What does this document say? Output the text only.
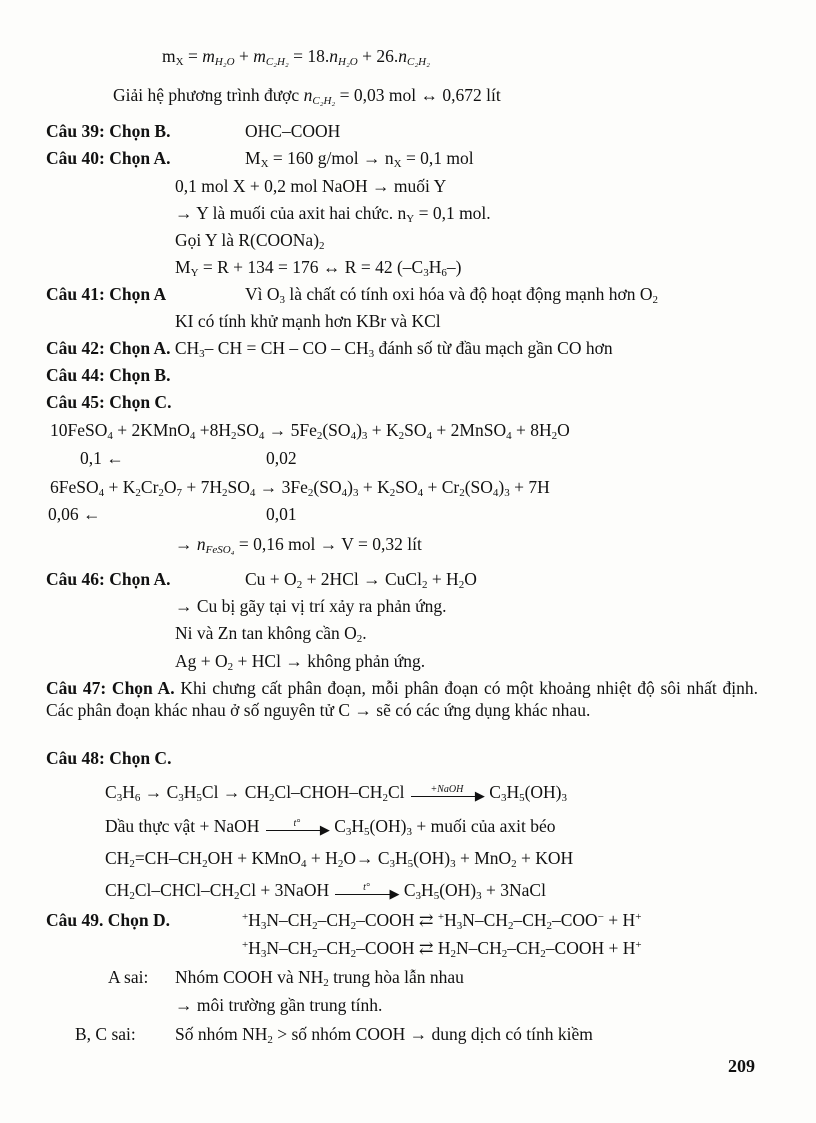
$m_X = m_{H_2O} + m_{C_2H_2} = 18.n_{H_2O} + 26.n_{C_2H_2}$
Giải hệ phương trình được $n_{C_2H_2} = 0,03$ mol ↔ 0,672 lít
Câu 39: Chọn B.	OHC–COOH
Câu 40: Chọn A.	$M_X = 160$ $g/mol \to n_X = 0,1$ mol
0,1 mol X + 0,2 mol NaOH → muối Y
→ Y là muối của axit hai chức. $n_Y = 0,1$ mol.
Gọi Y là $R(COONa)_2$
$M_Y = R + 134 = 176$ ↔ R = 42 $(-C_3H_6-)$
Câu 41: Chọn A	Vì $O_3$ là chất có tính oxi hóa và độ hoạt động mạnh hơn $O_2$
KI có tính khử mạnh hơn KBr và KCl
Câu 42: Chọn A. $CH_3-$ CH = CH – CO – $CH_3$ đánh số từ đầu mạch gần CO hơn
Câu 44: Chọn B.
Câu 45: Chọn C.
10FeSO$_4$ + 2KMnO$_4$ $+8H_2SO_4 \to 5Fe_2(SO_4)_3 + K_2SO_4$ + 2MnSO$_4$ + $8H_2O$
0,1 ←	0,02
6FeSO$_4$ + $K_2Cr_2O_7 + 7H_2SO_4 \to 3Fe_2(SO_4)_3 + K_2SO_4 + Cr_2(SO_4)_3 + 7H$
0,06 ←	0,01
→ $n_{FeSO_4} = 0,16$ mol → V = 0,32 lít
Câu 46: Chọn A.	$Cu + O_2 + 2HCl$ → CuCl$_2$ + $H_2O$
→ Cu bị gãy tại vị trí xảy ra phản ứng.
Ni và Zn tan không cần $O_2$.
$Ag + O_2$ + HCl → không phản ứng.
Câu 47: Chọn A. Khi chưng cất phân đoạn, mỗi phân đoạn có một khoảng nhiệt độ sôi nhất định. Các phân đoạn khác nhau ở số nguyên tử C → sẽ có các ứng dụng khác nhau.
Câu 48: Chọn C.
$C_3H_6 \to C_3H_5Cl$ → $CH_2Cl-CHOH-CH_2Cl$	+NaOH ▶ $C_3H_5(OH)_3$
Dầu thực vật + NaOH	t°	▶ $C_3H_5(OH)_3$ + muối của axit béo
$CH_2=CH-CH_2OH$ + KMnO$_4$ + $H_2O\to C_3H_5(OH)_3 + MnO_2$ + KOH
$CH_2Cl-CHCl-CH_2Cl$ + 3NaOH	t°	▶ $C_3H_5(OH)_3$ + 3NaCl
Câu 49. Chọn D.	$^+H_3N-CH_2-CH_2$–COOH ⇄ $^+H_3N-CH_2-CH_2-COO^- + H^+$
$^+H_3N-CH_2-CH_2$–COOH ⇄ $H_2N-CH_2-CH_2$–COOH + H+
A sai: Nhóm COOH và $NH_2$ trung hòa lẫn nhau
→ môi trường gần trung tính.
B, C sai: Số nhóm $NH_2$ > số nhóm COOH → dung dịch có tính kiềm
209
